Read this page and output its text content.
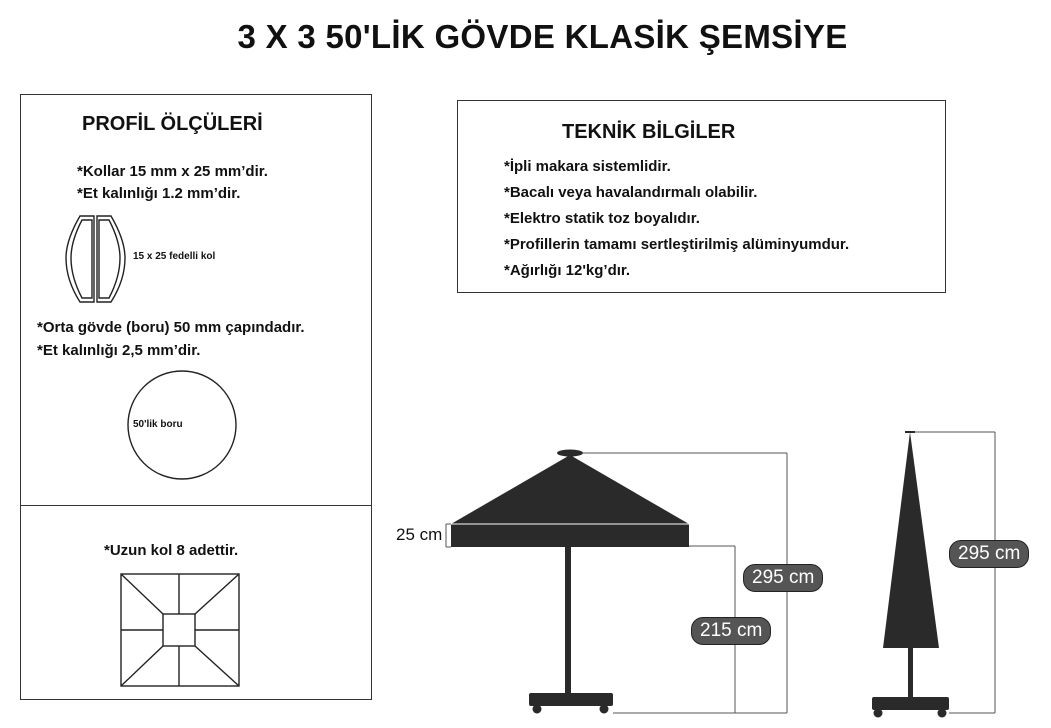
3 X 3 50'LİK GÖVDE KLASİK ŞEMSİYE
PROFİL ÖLÇÜLERİ
*Kollar 15 mm x 25 mm’dir.
*Et kalınlığı 1.2 mm’dir.
15 x 25 fedelli kol
*Orta gövde (boru) 50 mm çapındadır.
*Et kalınlığı 2,5 mm’dir.
50'lik boru
*Uzun kol 8 adettir.
TEKNİK BİLGİLER
*İpli makara sistemlidir.
*Bacalı veya havalandırmalı olabilir.
*Elektro statik toz boyalıdır.
*Profillerin tamamı sertleştirilmiş alüminyumdur.
*Ağırlığı 12'kg’dır.
25 cm
295 cm
215 cm
295 cm
